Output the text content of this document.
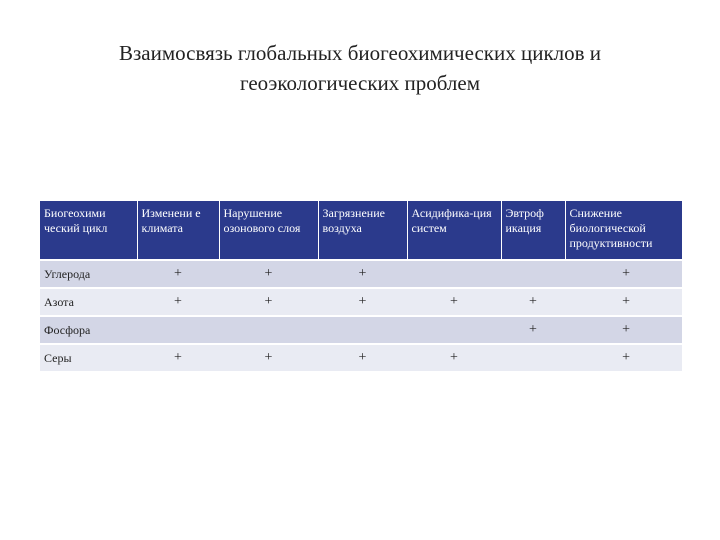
Взаимосвязь глобальных биогеохимических циклов и
геоэкологических проблем
Биогеохими ческий цикл	Изменени е климата	Нарушение озонового слоя	Загрязнение воздуха	Асидифика-ция систем	Эвтроф икация	Снижение биологической продуктивности
Углерода	+	+	+			+
Азота	+	+	+	+	+	+
Фосфора					+	+
Серы	+	+	+	+		+
